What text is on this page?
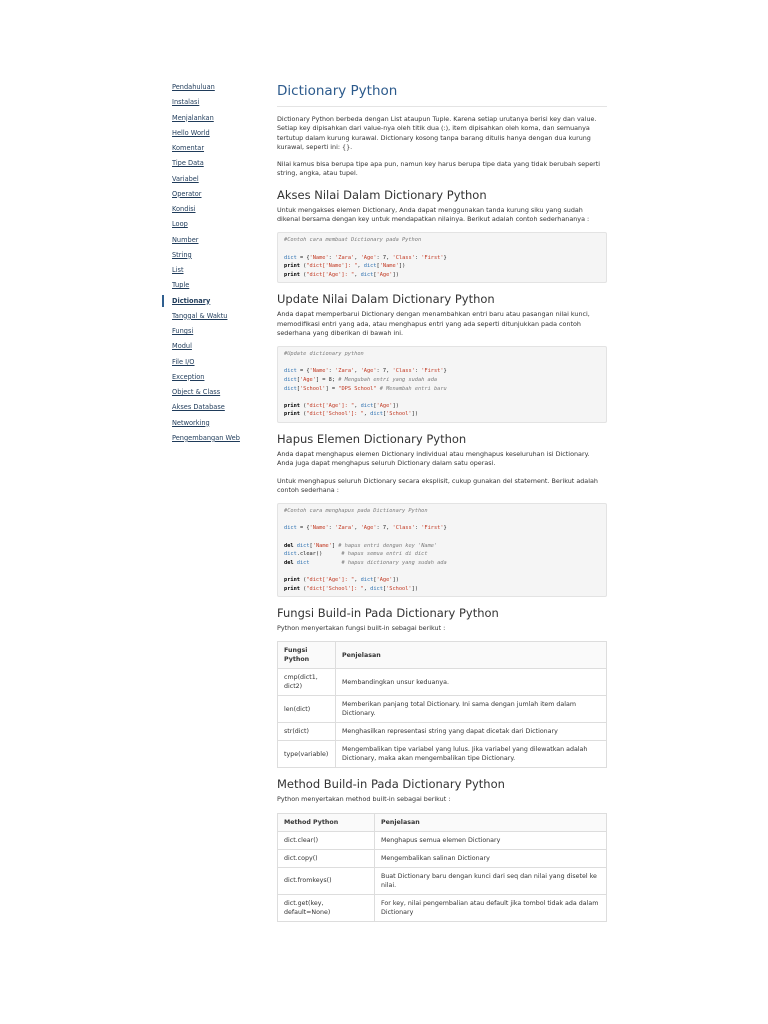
Pendahuluan
Instalasi
Menjalankan
Hello World
Komentar
Tipe Data
Variabel
Operator
Kondisi
Loop
Number
String
List
Tuple
Dictionary
Tanggal & Waktu
Fungsi
Modul
File I/O
Exception
Object & Class
Akses Database
Networking
Pengembangan Web
Dictionary Python

Dictionary Python berbeda dengan List ataupun Tuple. Karena setiap urutanya berisi key dan value. Setiap key dipisahkan dari value-nya oleh titik dua (:), item dipisahkan oleh koma, dan semuanya tertutup dalam kurung kurawal. Dictionary kosong tanpa barang ditulis hanya dengan dua kurung kurawal, seperti ini: {}.

Nilai kamus bisa berupa tipe apa pun, namun key harus berupa tipe data yang tidak berubah seperti string, angka, atau tupel.

Akses Nilai Dalam Dictionary Python

Untuk mengakses elemen Dictionary, Anda dapat menggunakan tanda kurung siku yang sudah dikenal bersama dengan key untuk mendapatkan nilainya. Berikut adalah contoh sederhananya :

#Contoh cara membuat Dictionary pada Python
dict = {'Name': 'Zara', 'Age': 7, 'Class': 'First'}
print ("dict['Name']: ", dict['Name'])
print ("dict['Age']: ", dict['Age'])
Update Nilai Dalam Dictionary Python

Anda dapat memperbarui Dictionary dengan menambahkan entri baru atau pasangan nilai kunci, memodifikasi entri yang ada, atau menghapus entri yang ada seperti ditunjukkan pada contoh sederhana yang diberikan di bawah ini.

#Update dictionary python
dict = {'Name': 'Zara', 'Age': 7, 'Class': 'First'}
dict['Age'] = 8; # Mengubah entri yang sudah ada
dict['School'] = "DPS School" # Menambah entri baru
print ("dict['Age']: ", dict['Age'])
print ("dict['School']: ", dict['School'])
Hapus Elemen Dictionary Python

Anda dapat menghapus elemen Dictionary individual atau menghapus keseluruhan isi Dictionary. Anda juga dapat menghapus seluruh Dictionary dalam satu operasi.

Untuk menghapus seluruh Dictionary secara eksplisit, cukup gunakan del statement. Berikut adalah contoh sederhana :

#Contoh cara menghapus pada Dictionary Python
dict = {'Name': 'Zara', 'Age': 7, 'Class': 'First'}
del dict['Name'] # hapus entri dengan key 'Name'
dict.clear()      # hapus semua entri di dict
del dict	# hapus dictionary yang sudah ada
print ("dict['Age']: ", dict['Age'])
print ("dict['School']: ", dict['School'])
Fungsi Build-in Pada Dictionary Python

Python menyertakan fungsi built-in sebagai berikut :

Fungsi Python	Penjelasan
cmp(dict1, dict2)	Membandingkan unsur keduanya.
len(dict)	Memberikan panjang total Dictionary. Ini sama dengan jumlah item dalam Dictionary.
str(dict)	Menghasilkan representasi string yang dapat dicetak dari Dictionary
type(variable)	Mengembalikan tipe variabel yang lulus. Jika variabel yang dilewatkan adalah Dictionary, maka akan mengembalikan tipe Dictionary.
Method Build-in Pada Dictionary Python

Python menyertakan method built-in sebagai berikut :

Method Python	Penjelasan
dict.clear()	Menghapus semua elemen Dictionary
dict.copy()	Mengembalikan salinan Dictionary
dict.fromkeys()	Buat Dictionary baru dengan kunci dari seq dan nilai yang disetel ke nilai.
dict.get(key, default=None)	For key, nilai pengembalian atau default jika tombol tidak ada dalam Dictionary
